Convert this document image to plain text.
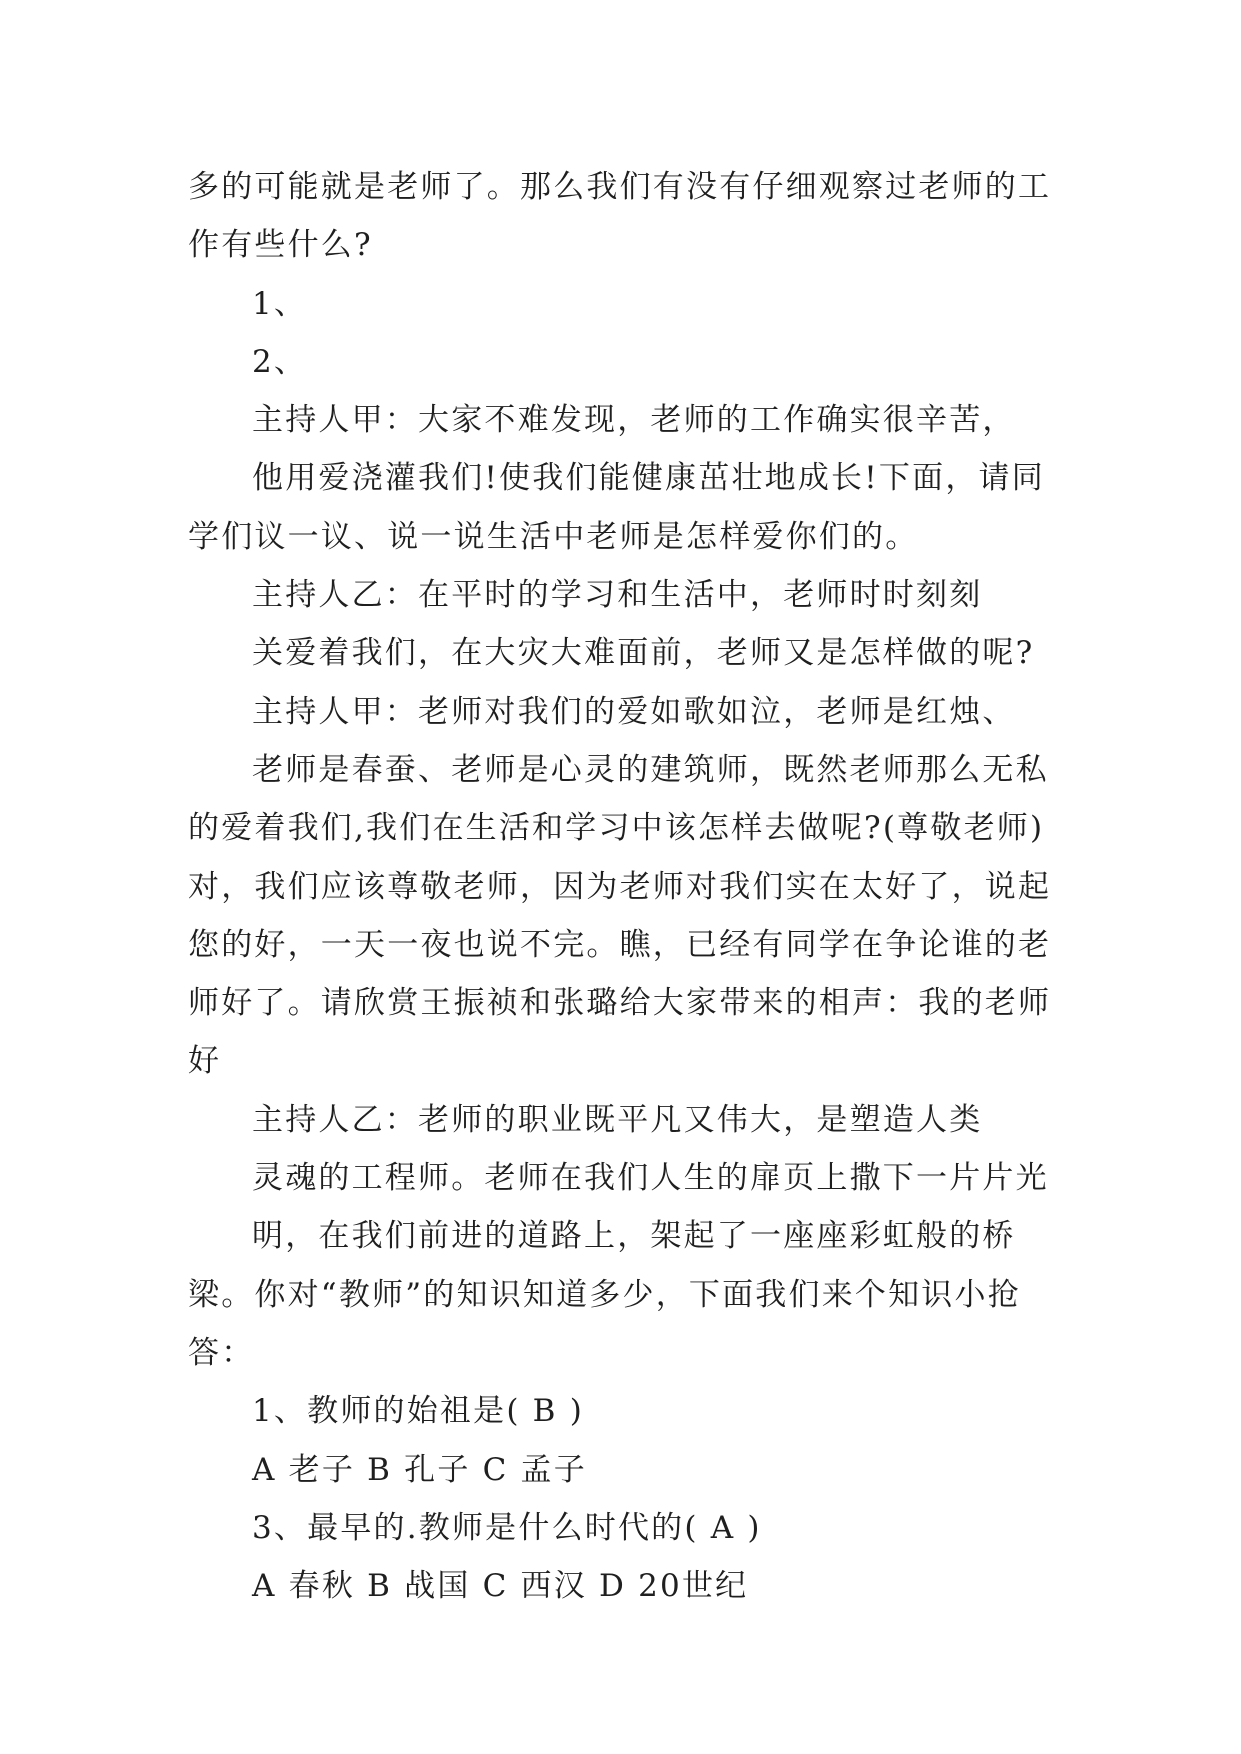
多的可能就是老师了。那么我们有没有仔细观察过老师的工作有些什么?

1、

2、

主持人甲：大家不难发现，老师的工作确实很辛苦，

他用爱浇灌我们!使我们能健康茁壮地成长!下面，请同学们议一议、说一说生活中老师是怎样爱你们的。

主持人乙：在平时的学习和生活中，老师时时刻刻

关爱着我们，在大灾大难面前，老师又是怎样做的呢?

主持人甲：老师对我们的爱如歌如泣，老师是红烛、

老师是春蚕、老师是心灵的建筑师，既然老师那么无私的爱着我们,我们在生活和学习中该怎样去做呢?(尊敬老师)对，我们应该尊敬老师，因为老师对我们实在太好了，说起您的好，一天一夜也说不完。瞧，已经有同学在争论谁的老师好了。请欣赏王振祯和张璐给大家带来的相声：我的老师好

主持人乙：老师的职业既平凡又伟大，是塑造人类

灵魂的工程师。老师在我们人生的扉页上撒下一片片光

明，在我们前进的道路上，架起了一座座彩虹般的桥梁。你对“教师”的知识知道多少，下面我们来个知识小抢答：

1、教师的始祖是( B )

A 老子 B 孔子 C 孟子

3、最早的.教师是什么时代的( A )

A 春秋 B 战国 C 西汉 D 20世纪
